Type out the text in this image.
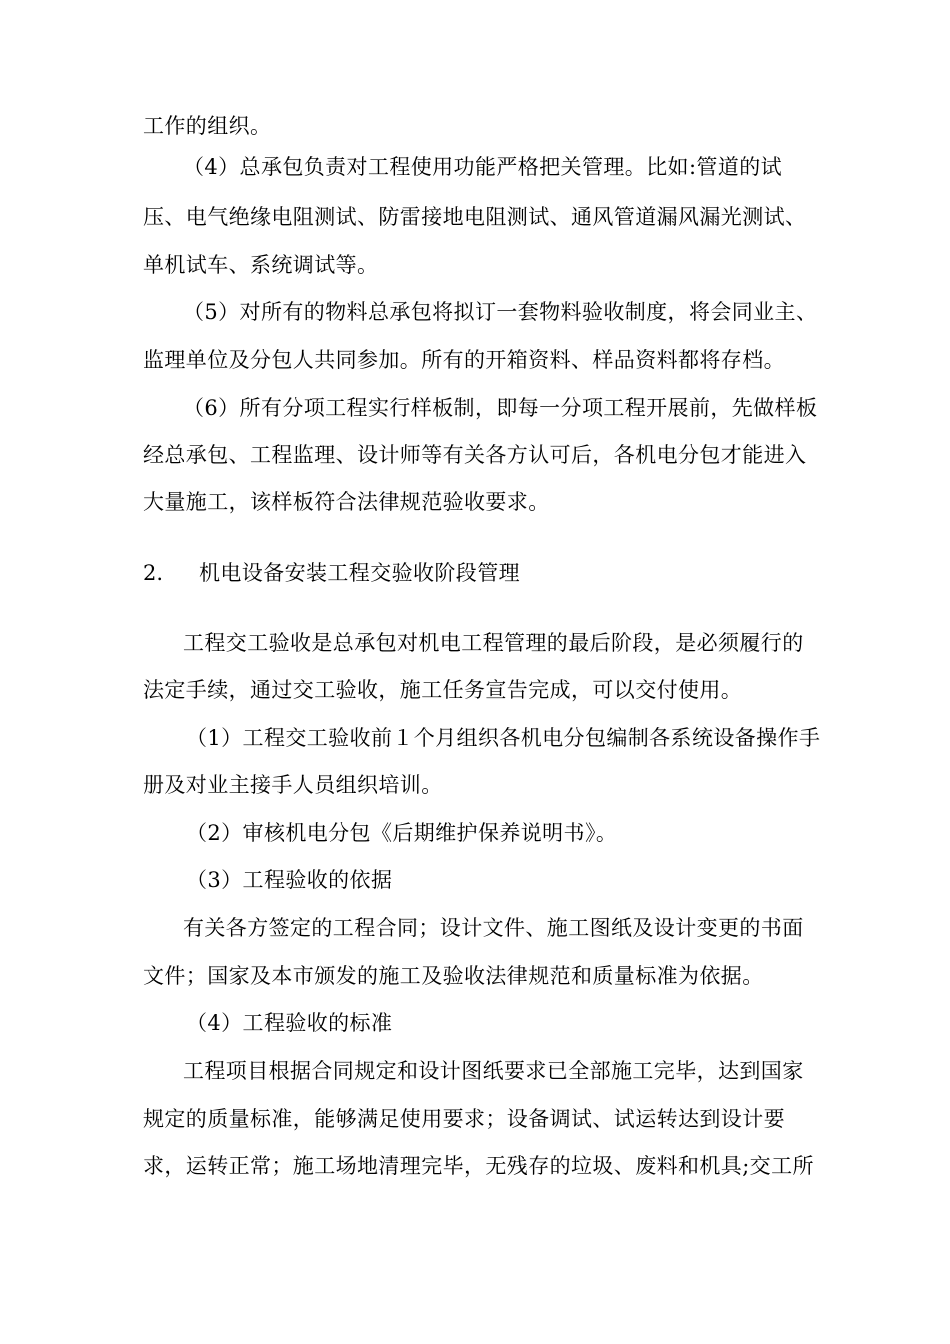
工作的组织。
（4）总承包负责对工程使用功能严格把关管理。比如:管道的试
压、电气绝缘电阻测试、防雷接地电阻测试、通风管道漏风漏光测试、
单机试车、系统调试等。
（5）对所有的物料总承包将拟订一套物料验收制度，将会同业主、
监理单位及分包人共同参加。所有的开箱资料、样品资料都将存档。
（6）所有分项工程实行样板制，即每一分项工程开展前，先做样板
经总承包、工程监理、设计师等有关各方认可后，各机电分包才能进入
大量施工，该样板符合法律规范验收要求。
2. 机电设备安装工程交验收阶段管理
工程交工验收是总承包对机电工程管理的最后阶段，是必须履行的
法定手续，通过交工验收，施工任务宣告完成，可以交付使用。
（1）工程交工验收前１个月组织各机电分包编制各系统设备操作手
册及对业主接手人员组织培训。
（2）审核机电分包《后期维护保养说明书》。
（3）工程验收的依据
有关各方签定的工程合同；设计文件、施工图纸及设计变更的书面
文件；国家及本市颁发的施工及验收法律规范和质量标准为依据。
（4）工程验收的标准
工程项目根据合同规定和设计图纸要求已全部施工完毕，达到国家
规定的质量标准，能够满足使用要求；设备调试、试运转达到设计要
求，运转正常；施工场地清理完毕，无残存的垃圾、废料和机具;交工所
